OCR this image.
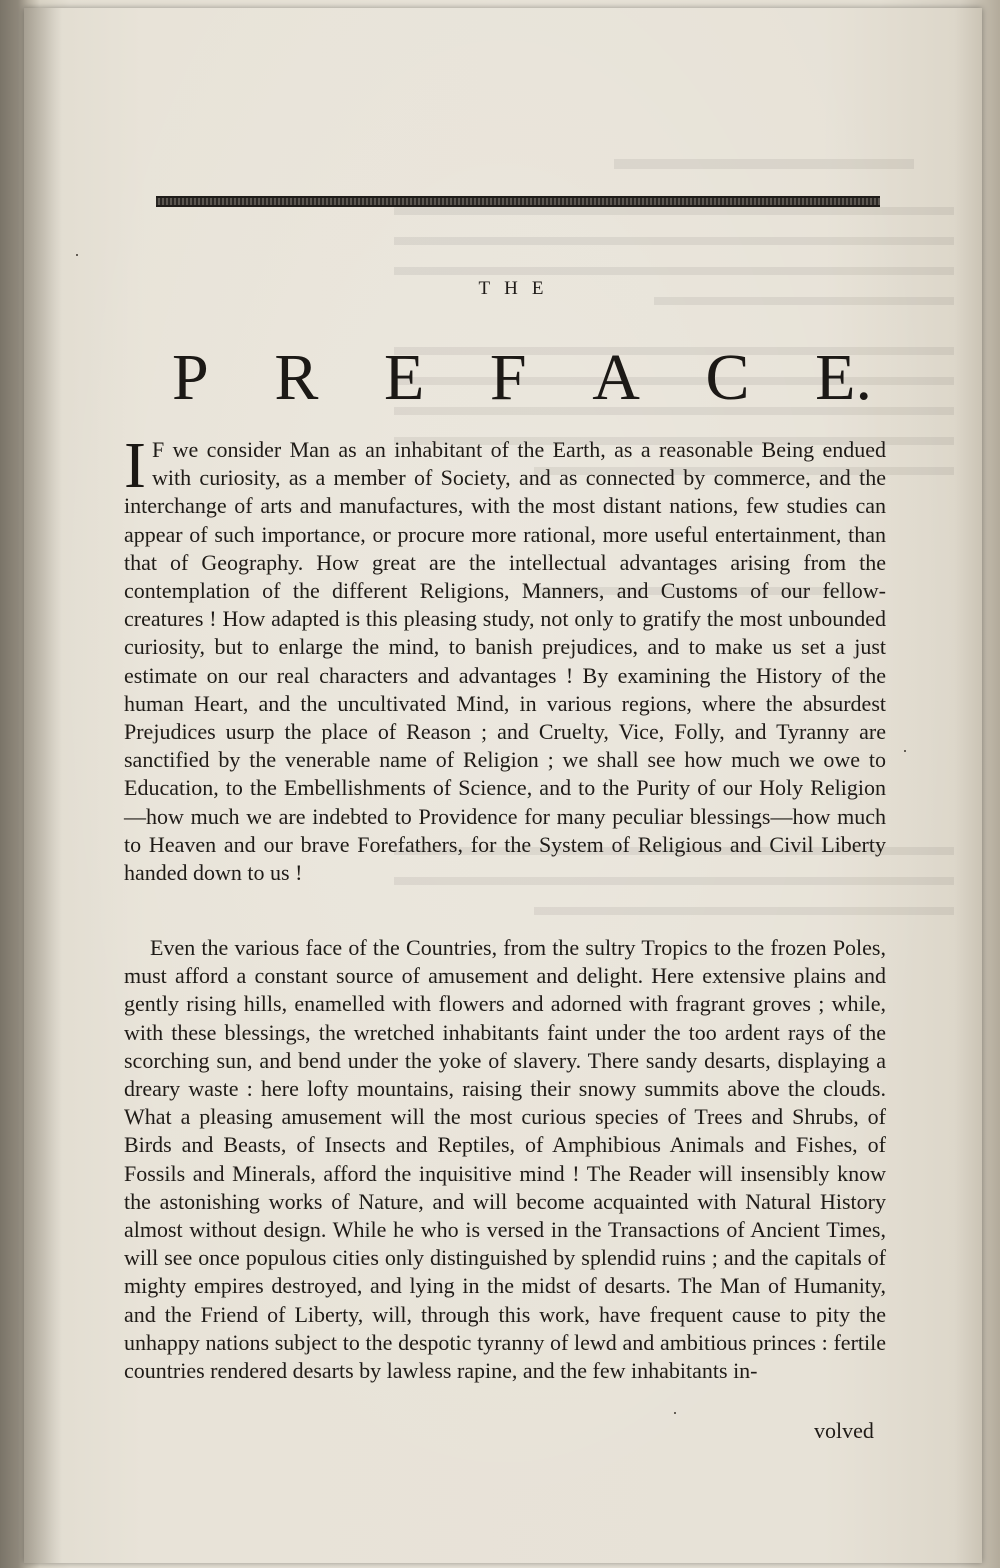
THE
P R E F A C E.
I F we consider Man as an inhabitant of the Earth, as a reasonable Being endued with curiosity, as a member of Society, and as connected by commerce, and the interchange of arts and manufactures, with the most distant nations, few studies can appear of such importance, or procure more rational, more useful entertainment, than that of Geography. How great are the intellectual advantages arising from the contemplation of the different Religions, Manners, and Customs of our fellow-creatures ! How adapted is this pleasing study, not only to gratify the most unbounded curiosity, but to enlarge the mind, to banish prejudices, and to make us set a just estimate on our real characters and advantages ! By examining the History of the human Heart, and the uncultivated Mind, in various regions, where the absurdest Prejudices usurp the place of Reason ; and Cruelty, Vice, Folly, and Tyranny are sanctified by the venerable name of Religion ; we shall see how much we owe to Education, to the Embellishments of Science, and to the Purity of our Holy Religion—how much we are indebted to Providence for many peculiar blessings—how much to Heaven and our brave Forefathers, for the System of Religious and Civil Liberty handed down to us !
Even the various face of the Countries, from the sultry Tropics to the frozen Poles, must afford a constant source of amusement and delight. Here extensive plains and gently rising hills, enamelled with flowers and adorned with fragrant groves ; while, with these blessings, the wretched inhabitants faint under the too ardent rays of the scorching sun, and bend under the yoke of slavery. There sandy desarts, displaying a dreary waste : here lofty mountains, raising their snowy summits above the clouds. What a pleasing amusement will the most curious species of Trees and Shrubs, of Birds and Beasts, of Insects and Reptiles, of Amphibious Animals and Fishes, of Fossils and Minerals, afford the inquisitive mind ! The Reader will insensibly know the astonishing works of Nature, and will become acquainted with Natural History almost without design. While he who is versed in the Transactions of Ancient Times, will see once populous cities only distinguished by splendid ruins ; and the capitals of mighty empires destroyed, and lying in the midst of desarts. The Man of Humanity, and the Friend of Liberty, will, through this work, have frequent cause to pity the unhappy nations subject to the despotic tyranny of lewd and ambitious princes : fertile countries rendered desarts by lawless rapine, and the few inhabitants in-
volved
